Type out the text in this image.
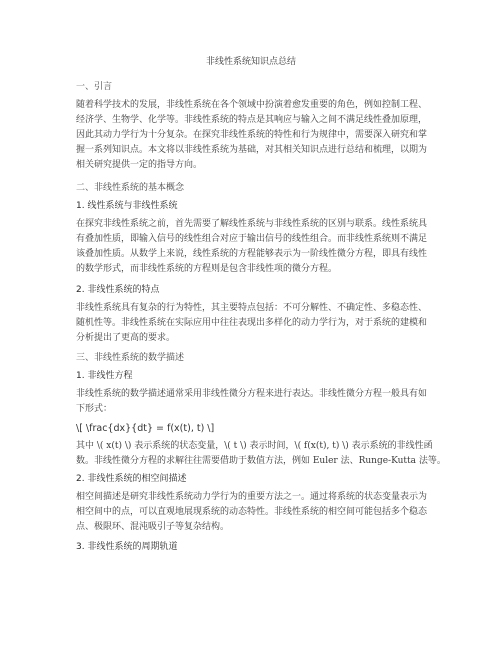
非线性系统知识点总结
一、引言
随着科学技术的发展，非线性系统在各个领域中扮演着愈发重要的角色，例如控制工程、
经济学、生物学、化学等。非线性系统的特点是其响应与输入之间不满足线性叠加原理，
因此其动力学行为十分复杂。在探究非线性系统的特性和行为规律中，需要深入研究和掌
握一系列知识点。本文将以非线性系统为基础，对其相关知识点进行总结和梳理，以期为
相关研究提供一定的指导方向。
二、非线性系统的基本概念
1. 线性系统与非线性系统
在探究非线性系统之前，首先需要了解线性系统与非线性系统的区别与联系。线性系统具
有叠加性质，即输入信号的线性组合对应于输出信号的线性组合。而非线性系统则不满足
该叠加性质。从数学上来说，线性系统的方程能够表示为一阶线性微分方程，即具有线性
的数学形式，而非线性系统的方程则是包含非线性项的微分方程。
2. 非线性系统的特点
非线性系统具有复杂的行为特性，其主要特点包括：不可分解性、不确定性、多稳态性、
随机性等。非线性系统在实际应用中往往表现出多样化的动力学行为，对于系统的建模和
分析提出了更高的要求。
三、非线性系统的数学描述
1. 非线性方程
非线性系统的数学描述通常采用非线性微分方程来进行表达。非线性微分方程一般具有如
下形式：
\[ \frac{dx}{dt} = f(x(t), t) \]
其中 \( x(t) \) 表示系统的状态变量，\( t \) 表示时间，\( f(x(t), t) \) 表示系统的非线性函
数。非线性微分方程的求解往往需要借助于数值方法，例如 Euler 法、Runge-Kutta 法等。
2. 非线性系统的相空间描述
相空间描述是研究非线性系统动力学行为的重要方法之一。通过将系统的状态变量表示为
相空间中的点，可以直观地展现系统的动态特性。非线性系统的相空间可能包括多个稳态
点、极限环、混沌吸引子等复杂结构。
3. 非线性系统的周期轨道
